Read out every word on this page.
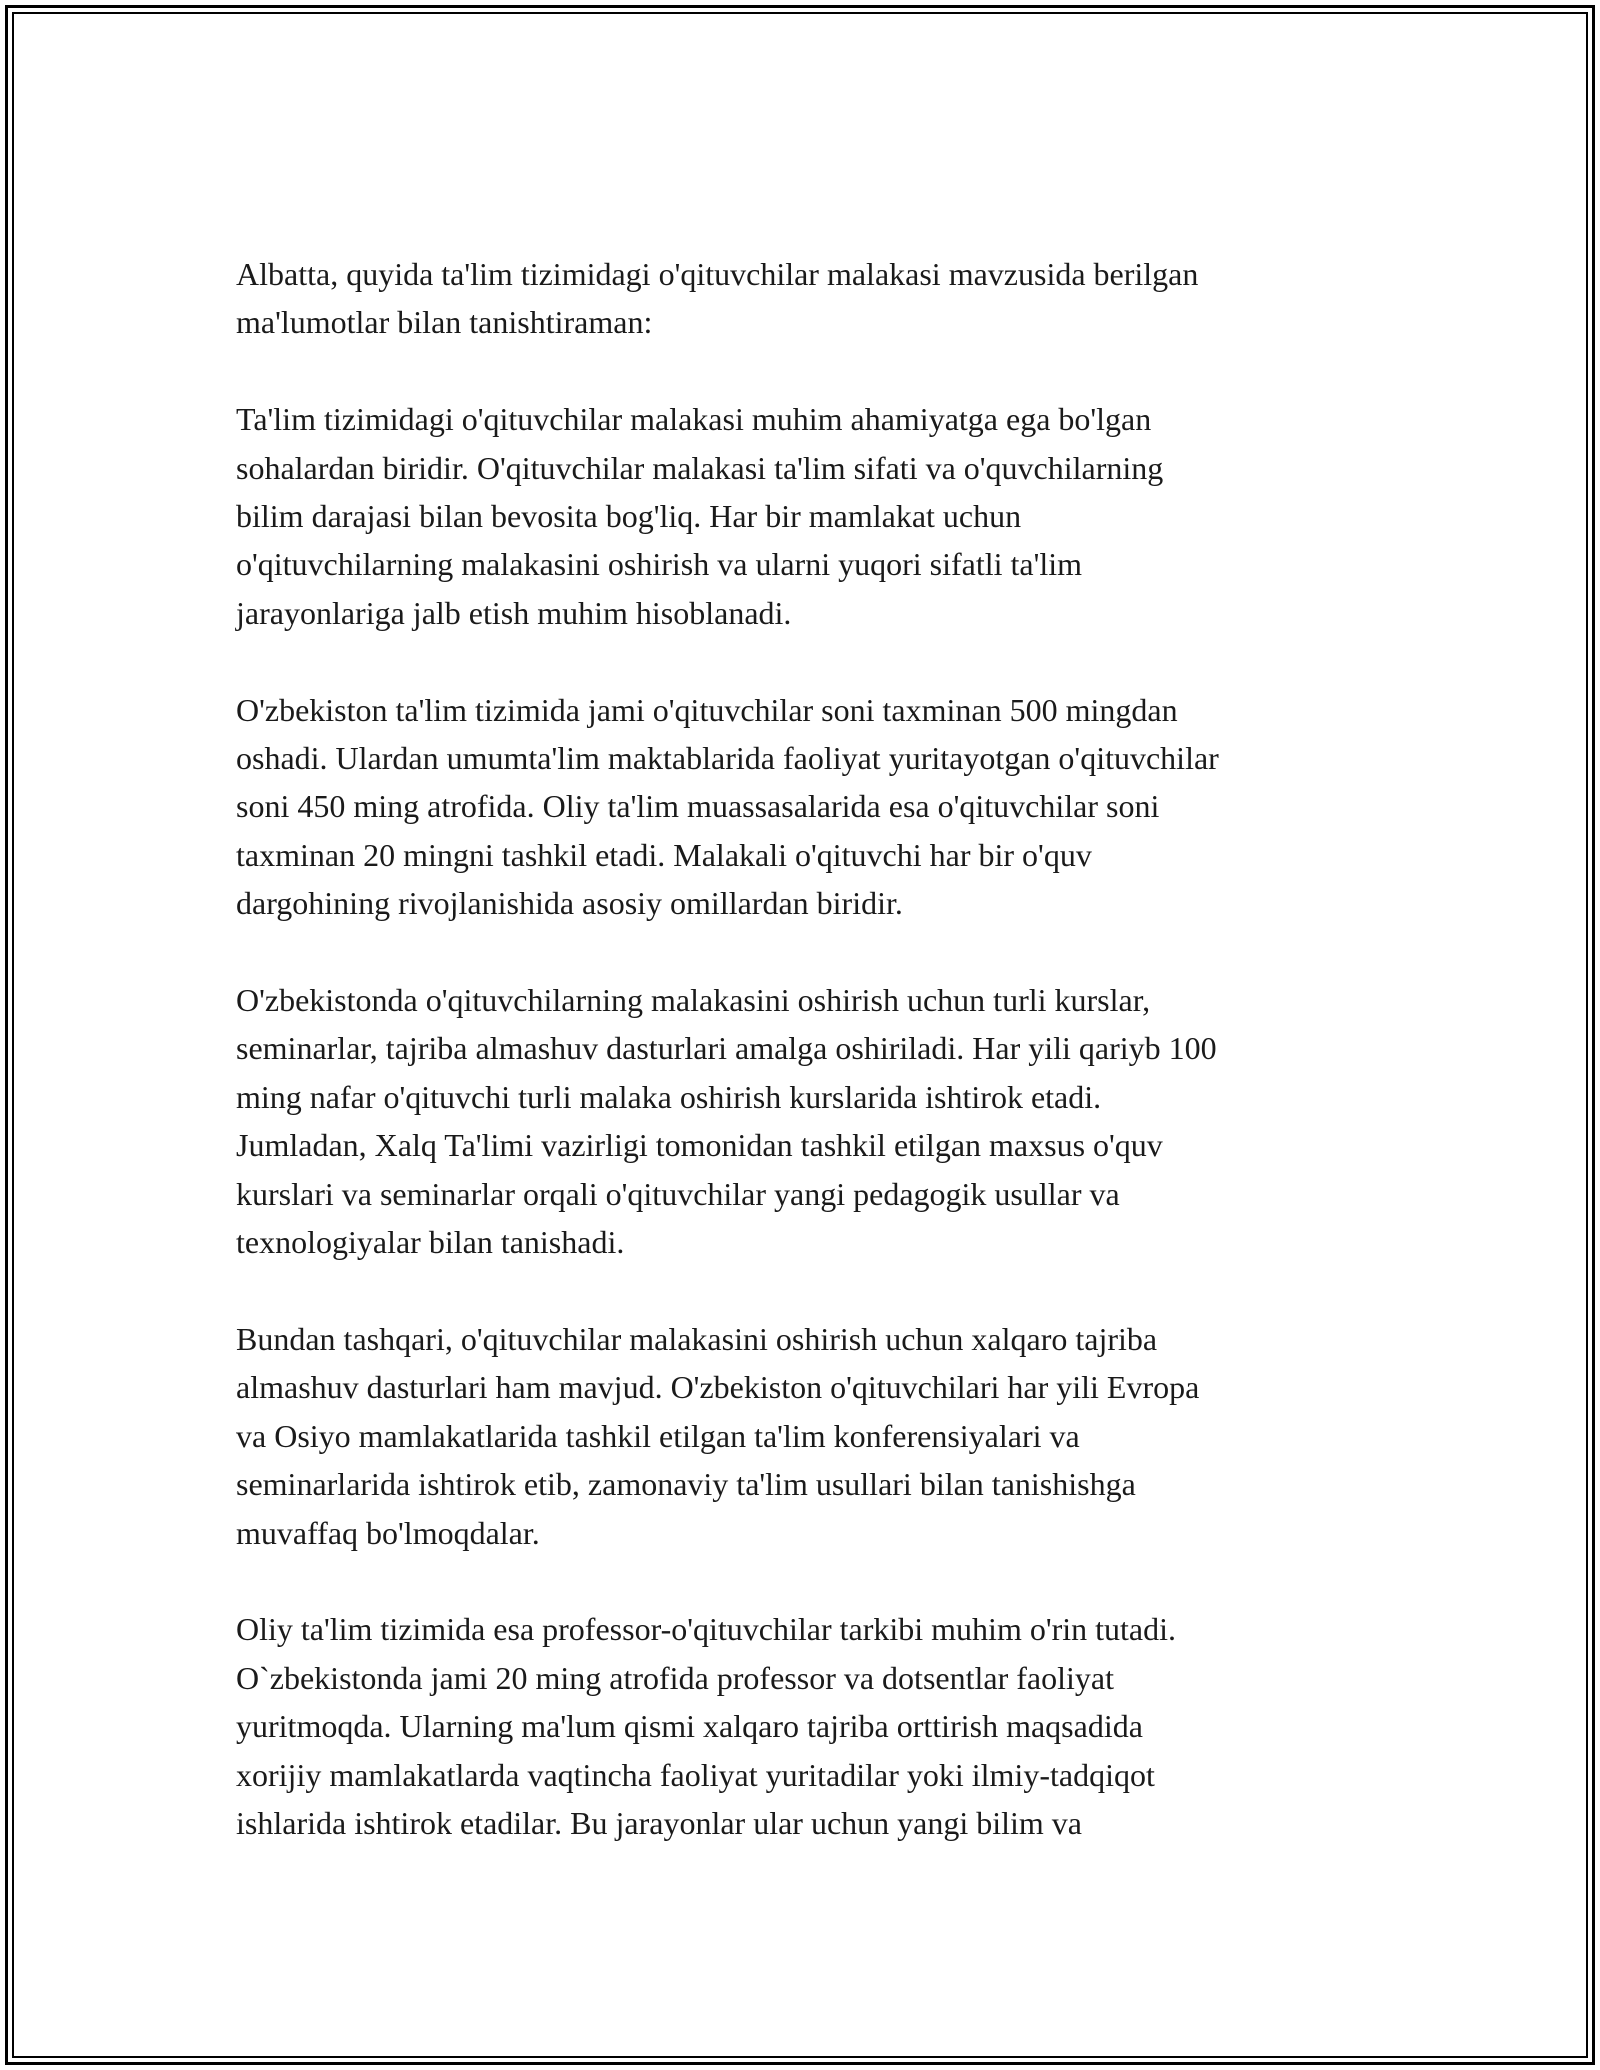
Albatta, quyida ta'lim tizimidagi o'qituvchilar malakasi mavzusida berilgan
ma'lumotlar bilan tanishtiraman:

Ta'lim tizimidagi o'qituvchilar malakasi muhim ahamiyatga ega bo'lgan
sohalardan biridir. O'qituvchilar malakasi ta'lim sifati va o'quvchilarning
bilim darajasi bilan bevosita bog'liq. Har bir mamlakat uchun
o'qituvchilarning malakasini oshirish va ularni yuqori sifatli ta'lim
jarayonlariga jalb etish muhim hisoblanadi.

O'zbekiston ta'lim tizimida jami o'qituvchilar soni taxminan 500 mingdan
oshadi. Ulardan umumta'lim maktablarida faoliyat yuritayotgan o'qituvchilar
soni 450 ming atrofida. Oliy ta'lim muassasalarida esa o'qituvchilar soni
taxminan 20 mingni tashkil etadi. Malakali o'qituvchi har bir o'quv
dargohining rivojlanishida asosiy omillardan biridir.

O'zbekistonda o'qituvchilarning malakasini oshirish uchun turli kurslar,
seminarlar, tajriba almashuv dasturlari amalga oshiriladi. Har yili qariyb 100
ming nafar o'qituvchi turli malaka oshirish kurslarida ishtirok etadi.
Jumladan, Xalq Ta'limi vazirligi tomonidan tashkil etilgan maxsus o'quv
kurslari va seminarlar orqali o'qituvchilar yangi pedagogik usullar va
texnologiyalar bilan tanishadi.

Bundan tashqari, o'qituvchilar malakasini oshirish uchun xalqaro tajriba
almashuv dasturlari ham mavjud. O'zbekiston o'qituvchilari har yili Evropa
va Osiyo mamlakatlarida tashkil etilgan ta'lim konferensiyalari va
seminarlarida ishtirok etib, zamonaviy ta'lim usullari bilan tanishishga
muvaffaq bo'lmoqdalar.

Oliy ta'lim tizimida esa professor-o'qituvchilar tarkibi muhim o'rin tutadi.
O`zbekistonda jami 20 ming atrofida professor va dotsentlar faoliyat
yuritmoqda. Ularning ma'lum qismi xalqaro tajriba orttirish maqsadida
xorijiy mamlakatlarda vaqtincha faoliyat yuritadilar yoki ilmiy-tadqiqot
ishlarida ishtirok etadilar. Bu jarayonlar ular uchun yangi bilim va
